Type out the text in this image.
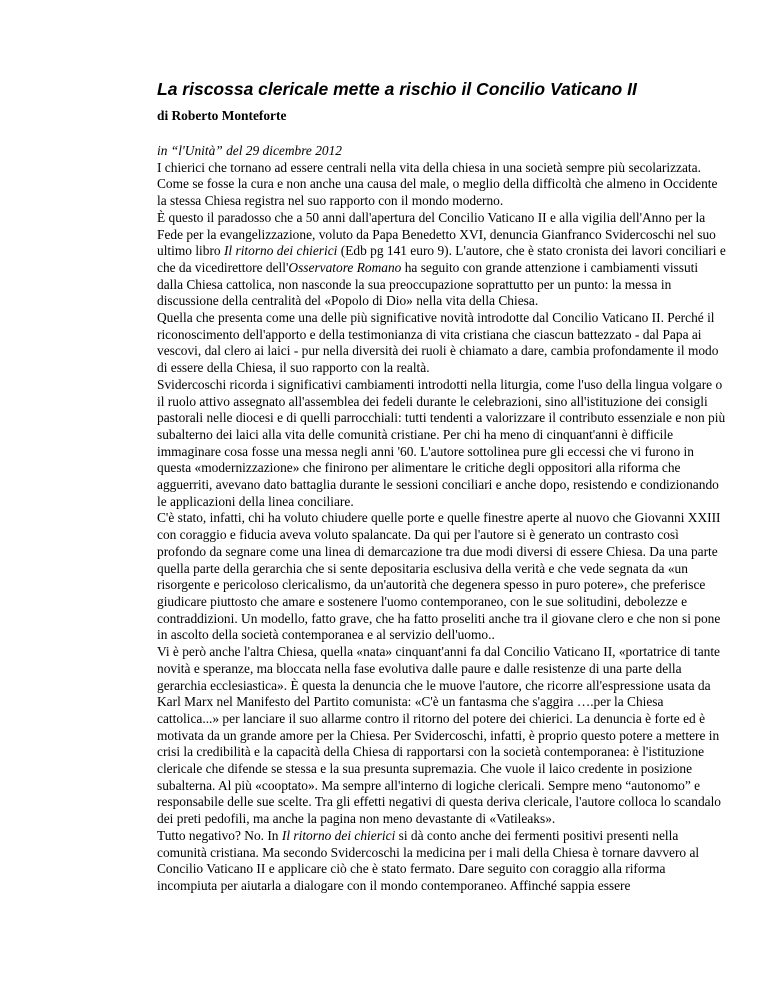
La riscossa clericale mette a rischio il Concilio Vaticano II
di Roberto Monteforte

in “l'Unità” del 29 dicembre 2012

I chierici che tornano ad essere centrali nella vita della chiesa in una società sempre più secolarizzata.

Come se fosse la cura e non anche una causa del male, o meglio della difficoltà che almeno in Occidente la stessa Chiesa registra nel suo rapporto con il mondo moderno.

È questo il paradosso che a 50 anni dall'apertura del Concilio Vaticano II e alla vigilia dell'Anno per la Fede per la evangelizzazione, voluto da Papa Benedetto XVI, denuncia Gianfranco Svidercoschi nel suo ultimo libro Il ritorno dei chierici (Edb pg 141 euro 9). L'autore, che è stato cronista dei lavori conciliari e che da vicedirettore dell'Osservatore Romano ha seguito con grande attenzione i cambiamenti vissuti dalla Chiesa cattolica, non nasconde la sua preoccupazione soprattutto per un punto: la messa in discussione della centralità del «Popolo di Dio» nella vita della Chiesa.

Quella che presenta come una delle più significative novità introdotte dal Concilio Vaticano II. Perché il riconoscimento dell'apporto e della testimonianza di vita cristiana che ciascun battezzato - dal Papa ai vescovi, dal clero ai laici - pur nella diversità dei ruoli è chiamato a dare, cambia profondamente il modo di essere della Chiesa, il suo rapporto con la realtà.

Svidercoschi ricorda i significativi cambiamenti introdotti nella liturgia, come l'uso della lingua volgare o il ruolo attivo assegnato all'assemblea dei fedeli durante le celebrazioni, sino all'istituzione dei consigli pastorali nelle diocesi e di quelli parrocchiali: tutti tendenti a valorizzare il contributo essenziale e non più subalterno dei laici alla vita delle comunità cristiane. Per chi ha meno di cinquant'anni è difficile immaginare cosa fosse una messa negli anni '60. L'autore sottolinea pure gli eccessi che vi furono in questa «modernizzazione» che finirono per alimentare le critiche degli oppositori alla riforma che agguerriti, avevano dato battaglia durante le sessioni conciliari e anche dopo, resistendo e condizionando le applicazioni della linea conciliare.

C'è stato, infatti, chi ha voluto chiudere quelle porte e quelle finestre aperte al nuovo che Giovanni XXIII con coraggio e fiducia aveva voluto spalancate. Da qui per l'autore si è generato un contrasto così profondo da segnare come una linea di demarcazione tra due modi diversi di essere Chiesa. Da una parte quella parte della gerarchia che si sente depositaria esclusiva della verità e che vede segnata da «un risorgente e pericoloso clericalismo, da un'autorità che degenera spesso in puro potere», che preferisce giudicare piuttosto che amare e sostenere l'uomo contemporaneo, con le sue solitudini, debolezze e contraddizioni. Un modello, fatto grave, che ha fatto proseliti anche tra il giovane clero e che non si pone in ascolto della società contemporanea e al servizio dell'uomo..

Vi è però anche l'altra Chiesa, quella «nata» cinquant'anni fa dal Concilio Vaticano II, «portatrice di tante novità e speranze, ma bloccata nella fase evolutiva dalle paure e dalle resistenze di una parte della gerarchia ecclesiastica». È questa la denuncia che le muove l'autore, che ricorre all'espressione usata da Karl Marx nel Manifesto del Partito comunista: «C'è un fantasma che s'aggira ….per la Chiesa cattolica...» per lanciare il suo allarme contro il ritorno del potere dei chierici. La denuncia è forte ed è motivata da un grande amore per la Chiesa. Per Svidercoschi, infatti, è proprio questo potere a mettere in crisi la credibilità e la capacità della Chiesa di rapportarsi con la società contemporanea: è l'istituzione clericale che difende se stessa e la sua presunta supremazia. Che vuole il laico credente in posizione subalterna. Al più «cooptato». Ma sempre all'interno di logiche clericali. Sempre meno “autonomo” e responsabile delle sue scelte. Tra gli effetti negativi di questa deriva clericale, l'autore colloca lo scandalo dei preti pedofili, ma anche la pagina non meno devastante di «Vatileaks».

Tutto negativo? No. In Il ritorno dei chierici si dà conto anche dei fermenti positivi presenti nella comunità cristiana. Ma secondo Svidercoschi la medicina per i mali della Chiesa è tornare davvero al Concilio Vaticano II e applicare ciò che è stato fermato. Dare seguito con coraggio alla riforma incompiuta per aiutarla a dialogare con il mondo contemporaneo. Affinché sappia essere
